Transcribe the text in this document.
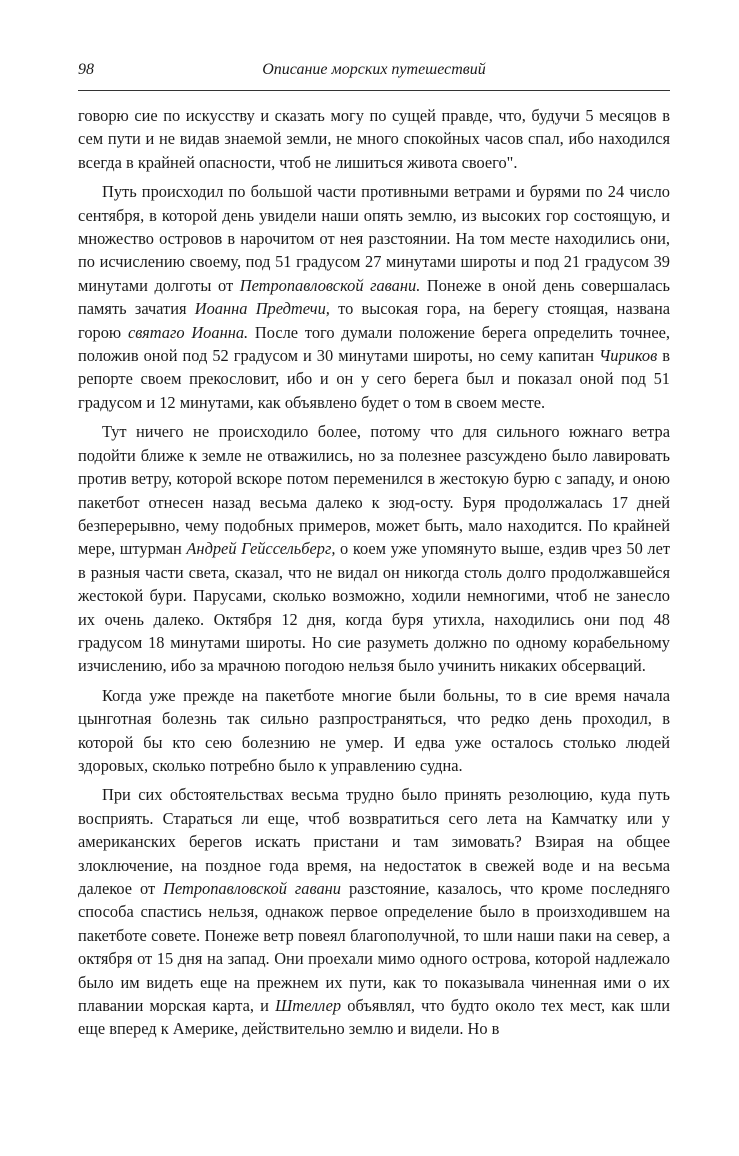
98	Описание морских путешествий

говорю сие по искусству и сказать могу по сущей правде, что, будучи 5 месяцов в сем пути и не видав знаемой земли, не много спокойных часов спал, ибо находился всегда в крайней опасности, чтоб не лишиться живота своего".

Путь происходил по большой части противными ветрами и бурями по 24 число сентября, в которой день увидели наши опять землю, из высоких гор состоящую, и множество островов в нарочитом от нея разстоянии. На том месте находились они, по исчислению своему, под 51 градусом 27 минутами широты и под 21 градусом 39 минутами долготы от Петропавловской гавани. Понеже в оной день совершалась память зачатия Иоанна Предтечи, то высокая гора, на берегу стоящая, названа горою святаго Иоанна. После того думали положение берега определить точнее, положив оной под 52 градусом и 30 минутами широты, но сему капитан Чириков в репорте своем прекословит, ибо и он у сего берега был и показал оной под 51 градусом и 12 минутами, как объявлено будет о том в своем месте.

Тут ничего не происходило более, потому что для сильного южнаго ветра подойти ближе к земле не отважились, но за полезнее разсуждено было лавировать против ветру, которой вскоре потом переменился в жестокую бурю с западу, и оною пакетбот отнесен назад весьма далеко к зюд-осту. Буря продолжалась 17 дней безперерывно, чему подобных примеров, может быть, мало находится. По крайней мере, штурман Андрей Гейссельберг, о коем уже упомянуто выше, ездив чрез 50 лет в разныя части света, сказал, что не видал он никогда столь долго продолжавшейся жестокой бури. Парусами, сколько возможно, ходили немногими, чтоб не занесло их очень далеко. Октября 12 дня, когда буря утихла, находились они под 48 градусом 18 минутами широты. Но сие разуметь должно по одному корабельному изчислению, ибо за мрачною погодою нельзя было учинить никаких обсерваций.

Когда уже прежде на пакетботе многие были больны, то в сие время начала цынготная болезнь так сильно разпространяться, что редко день проходил, в которой бы кто сею болезнию не умер. И едва уже осталось столько людей здоровых, сколько потребно было к управлению судна.

При сих обстоятельствах весьма трудно было принять резолюцию, куда путь восприять. Стараться ли еще, чтоб возвратиться сего лета на Камчатку или у американских берегов искать пристани и там зимовать? Взирая на общее злоключение, на поздное года время, на недостаток в свежей воде и на весьма далекое от Петропавловской гавани разстояние, казалось, что кроме последняго способа спастись нельзя, однакож первое определение было в произходившем на пакетботе совете. Понеже ветр повеял благополучной, то шли наши паки на север, а октября от 15 дня на запад. Они проехали мимо одного острова, которой надлежало было им видеть еще на прежнем их пути, как то показывала чиненная ими о их плавании морская карта, и Штеллер объявлял, что будто около тех мест, как шли еще вперед к Америке, действительно землю и видели. Но в
